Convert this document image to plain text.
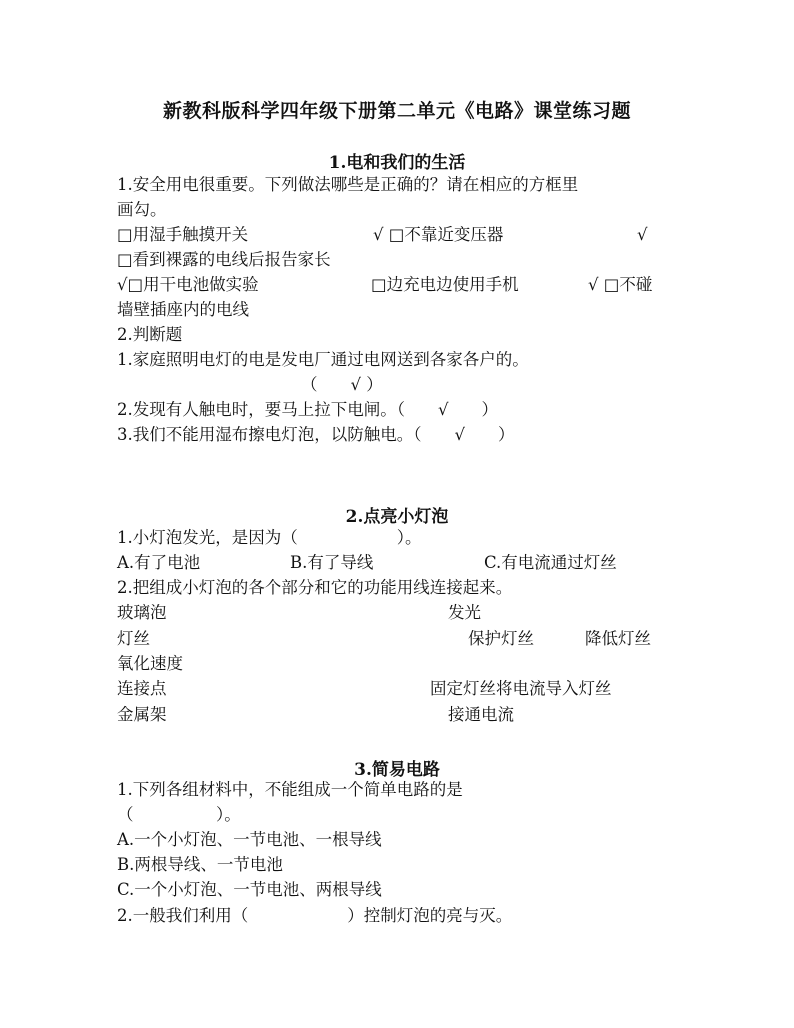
新教科版科学四年级下册第二单元《电路》课堂练习题
1.电和我们的生活
1.安全用电很重要。下列做法哪些是正确的？请在相应的方框里
画勾。
□用湿手触摸开关	√ □不靠近变压器	√
□看到裸露的电线后报告家长
√□用干电池做实验	□边充电边使用手机	√ □不碰
墙壁插座内的电线
2.判断题
1.家庭照明电灯的电是发电厂通过电网送到各家各户的。
（　　√ ）
2.发现有人触电时，要马上拉下电闸。（　　√　　）
3.我们不能用湿布擦电灯泡，以防触电。（　　√　　）
2.点亮小灯泡
1.小灯泡发光，是因为（　　　　　　）。
A.有了电池	B.有了导线	C.有电流通过灯丝
2.把组成小灯泡的各个部分和它的功能用线连接起来。
玻璃泡	发光
灯丝	保护灯丝	降低灯丝
氧化速度
连接点	固定灯丝将电流导入灯丝
金属架	接通电流
3.简易电路
1.下列各组材料中，不能组成一个简单电路的是
（　　　　　）。
A.一个小灯泡、一节电池、一根导线
B.两根导线、一节电池
C.一个小灯泡、一节电池、两根导线
2.一般我们利用（　　　　　　）控制灯泡的亮与灭。
